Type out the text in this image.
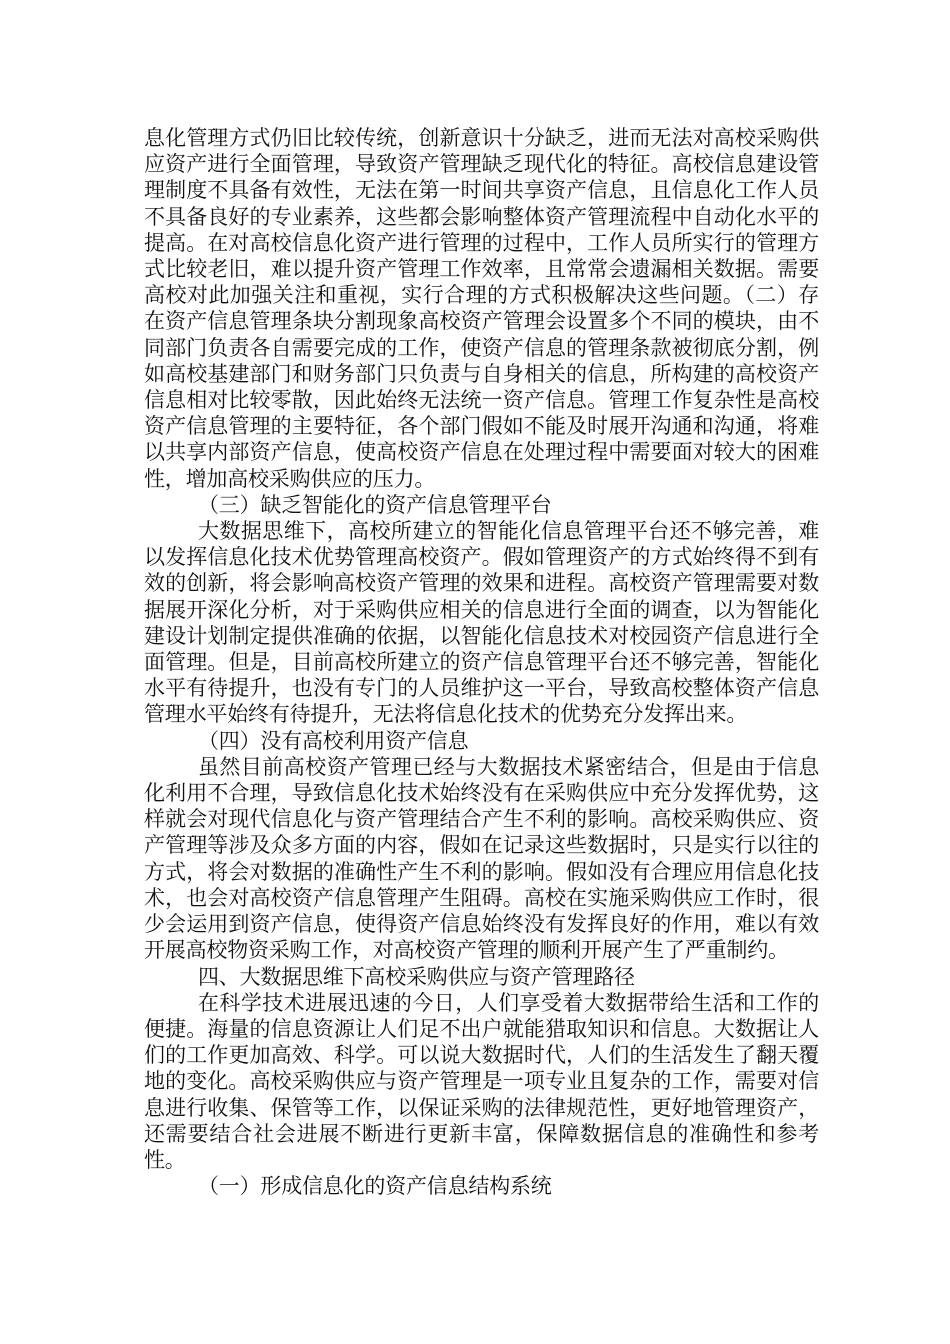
息化管理方式仍旧比较传统，创新意识十分缺乏，进而无法对高校采购供应资产进行全面管理，导致资产管理缺乏现代化的特征。高校信息建设管理制度不具备有效性，无法在第一时间共享资产信息，且信息化工作人员不具备良好的专业素养，这些都会影响整体资产管理流程中自动化水平的提高。在对高校信息化资产进行管理的过程中，工作人员所实行的管理方式比较老旧，难以提升资产管理工作效率，且常常会遗漏相关数据。需要高校对此加强关注和重视，实行合理的方式积极解决这些问题。（二）存在资产信息管理条块分割现象高校资产管理会设置多个不同的模块，由不同部门负责各自需要完成的工作，使资产信息的管理条款被彻底分割，例如高校基建部门和财务部门只负责与自身相关的信息，所构建的高校资产信息相对比较零散，因此始终无法统一资产信息。管理工作复杂性是高校资产信息管理的主要特征，各个部门假如不能及时展开沟通和沟通，将难以共享内部资产信息，使高校资产信息在处理过程中需要面对较大的困难性，增加高校采购供应的压力。

（三）缺乏智能化的资产信息管理平台

大数据思维下，高校所建立的智能化信息管理平台还不够完善，难以发挥信息化技术优势管理高校资产。假如管理资产的方式始终得不到有效的创新，将会影响高校资产管理的效果和进程。高校资产管理需要对数据展开深化分析，对于采购供应相关的信息进行全面的调查，以为智能化建设计划制定提供准确的依据，以智能化信息技术对校园资产信息进行全面管理。但是，目前高校所建立的资产信息管理平台还不够完善，智能化水平有待提升，也没有专门的人员维护这一平台，导致高校整体资产信息管理水平始终有待提升，无法将信息化技术的优势充分发挥出来。

（四）没有高校利用资产信息

虽然目前高校资产管理已经与大数据技术紧密结合，但是由于信息化利用不合理，导致信息化技术始终没有在采购供应中充分发挥优势，这样就会对现代信息化与资产管理结合产生不利的影响。高校采购供应、资产管理等涉及众多方面的内容，假如在记录这些数据时，只是实行以往的方式，将会对数据的准确性产生不利的影响。假如没有合理应用信息化技术，也会对高校资产信息管理产生阻碍。高校在实施采购供应工作时，很少会运用到资产信息，使得资产信息始终没有发挥良好的作用，难以有效开展高校物资采购工作，对高校资产管理的顺利开展产生了严重制约。

四、大数据思维下高校采购供应与资产管理路径

在科学技术进展迅速的今日，人们享受着大数据带给生活和工作的便捷。海量的信息资源让人们足不出户就能猎取知识和信息。大数据让人们的工作更加高效、科学。可以说大数据时代，人们的生活发生了翻天覆地的变化。高校采购供应与资产管理是一项专业且复杂的工作，需要对信息进行收集、保管等工作，以保证采购的法律规范性，更好地管理资产，还需要结合社会进展不断进行更新丰富，保障数据信息的准确性和参考性。

（一）形成信息化的资产信息结构系统
